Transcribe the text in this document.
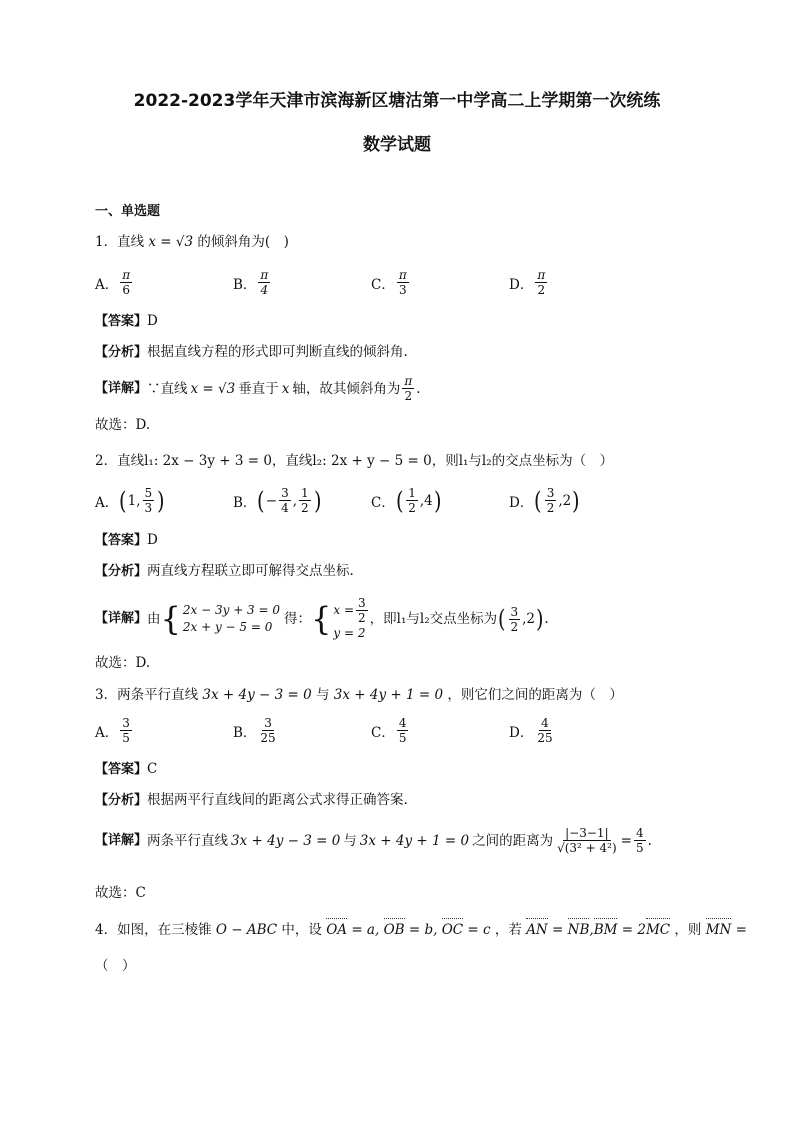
2022-2023学年天津市滨海新区塘沽第一中学高二上学期第一次统练
数学试题
一、单选题
1．直线 x = √3 的倾斜角为(　)
A． $\frac{\pi}{6}$	B． $\frac{\pi}{4}$	C． $\frac{\pi}{3}$	D． $\frac{\pi}{2}$
【答案】D
【分析】根据直线方程的形式即可判断直线的倾斜角.
【详解】 ∵直线 x = √3 垂直于 x 轴，故其倾斜角为 $\frac{\pi}{2}$ .
故选：D.
2．直线l₁: 2x − 3y + 3 = 0，直线l₂: 2x + y − 5 = 0，则l₁与l₂的交点坐标为（　）
A． ( 1, $\frac{5}{3}$ )	B． ( − $\frac{3}{4}$ , $\frac{1}{2}$ )	C． ( $\frac{1}{2} ,4$ )	D． ( $\frac{3}{2} ,2$ )
【答案】D
【分析】两直线方程联立即可解得交点坐标.
【详解】 由 { 2x − 3y + 3 = 0
2x + y − 5 = 0 得： { $x = \frac{3}{2}$
y = 2
，即l₁与l₂交点坐标为 ( $\frac{3}{2} ,2$ ) .
故选：D.
3．两条平行直线 3x + 4y − 3 = 0 与 3x + 4y + 1 = 0 ，则它们之间的距离为（　）
A． $\frac{3}{5}$	B． $\frac{3}{25}$	C． $\frac{4}{5}$	D． $\frac{4}{25}$
【答案】C
【分析】根据两平行直线间的距离公式求得正确答案.
【详解】 两条平行直线 3x + 4y − 3 = 0 与 3x + 4y + 1 = 0 之间的距离为 $\frac{|-3-1|}{\text{√(3² + 4²)}} = \frac{4}{5}$ .
故选：C
4．如图，在三棱锥 O − ABC 中，设 OA = a, OB = b, OC = c ，若 AN = NB,BM = 2MC ，则 MN =
（　）
